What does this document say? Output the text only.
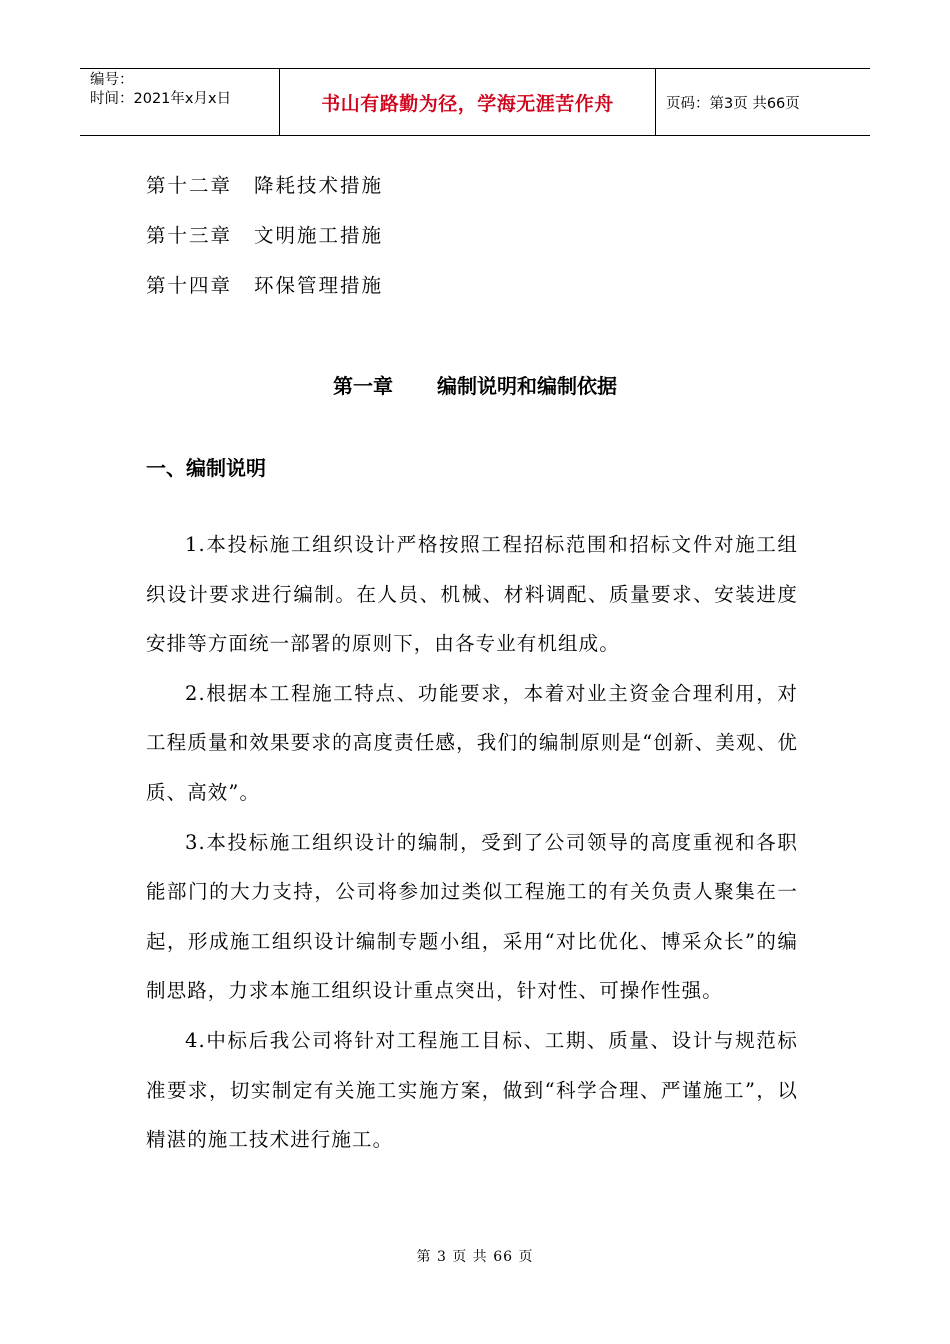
编号：
时间：2021年x月x日	书山有路勤为径，学海无涯苦作舟	页码：第3页 共66页
第十二章 降耗技术措施
第十三章 文明施工措施
第十四章 环保管理措施
第一章 编制说明和编制依据
一、编制说明

1.本投标施工组织设计严格按照工程招标范围和招标文件对施工组织设计要求进行编制。在人员、机械、材料调配、质量要求、安装进度安排等方面统一部署的原则下，由各专业有机组成。

2.根据本工程施工特点、功能要求，本着对业主资金合理利用，对工程质量和效果要求的高度责任感，我们的编制原则是“创新、美观、优质、高效”。

3.本投标施工组织设计的编制，受到了公司领导的高度重视和各职能部门的大力支持，公司将参加过类似工程施工的有关负责人聚集在一起，形成施工组织设计编制专题小组，采用“对比优化、博采众长”的编制思路，力求本施工组织设计重点突出，针对性、可操作性强。

4.中标后我公司将针对工程施工目标、工期、质量、设计与规范标准要求，切实制定有关施工实施方案，做到“科学合理、严谨施工”，以精湛的施工技术进行施工。

第 3 页 共 66 页
